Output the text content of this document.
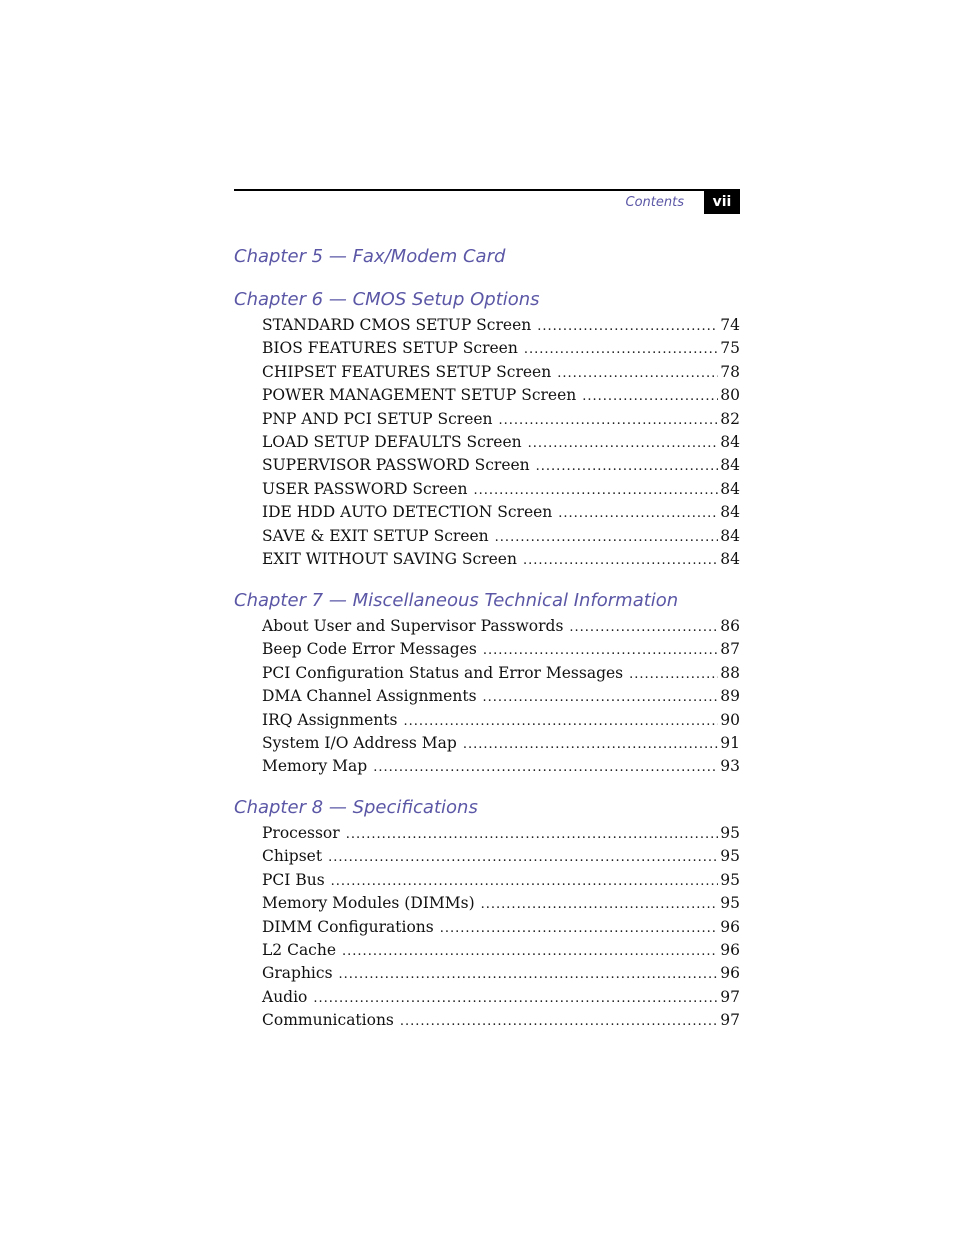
Contents	vii
Chapter 5 — Fax/Modem Card
Chapter 6 — CMOS Setup Options
STANDARD CMOS SETUP Screen .....	74
BIOS FEATURES SETUP Screen .....	75
CHIPSET FEATURES SETUP Screen .....	78
POWER MANAGEMENT SETUP Screen .....	80
PNP AND PCI SETUP Screen .....	82
LOAD SETUP DEFAULTS Screen .....	84
SUPERVISOR PASSWORD Screen .....	84
USER PASSWORD Screen .....	84
IDE HDD AUTO DETECTION Screen .....	84
SAVE & EXIT SETUP Screen .....	84
EXIT WITHOUT SAVING Screen .....	84
Chapter 7 — Miscellaneous Technical Information
About User and Supervisor Passwords .....	86
Beep Code Error Messages .....	87
PCI Configuration Status and Error Messages .....	88
DMA Channel Assignments .....	89
IRQ Assignments .....	90
System I/O Address Map .....	91
Memory Map .....	93
Chapter 8 — Specifications
Processor .....	95
Chipset .....	95
PCI Bus .....	95
Memory Modules (DIMMs) .....	95
DIMM Configurations .....	96
L2 Cache .....	96
Graphics .....	96
Audio .....	97
Communications .....	97
